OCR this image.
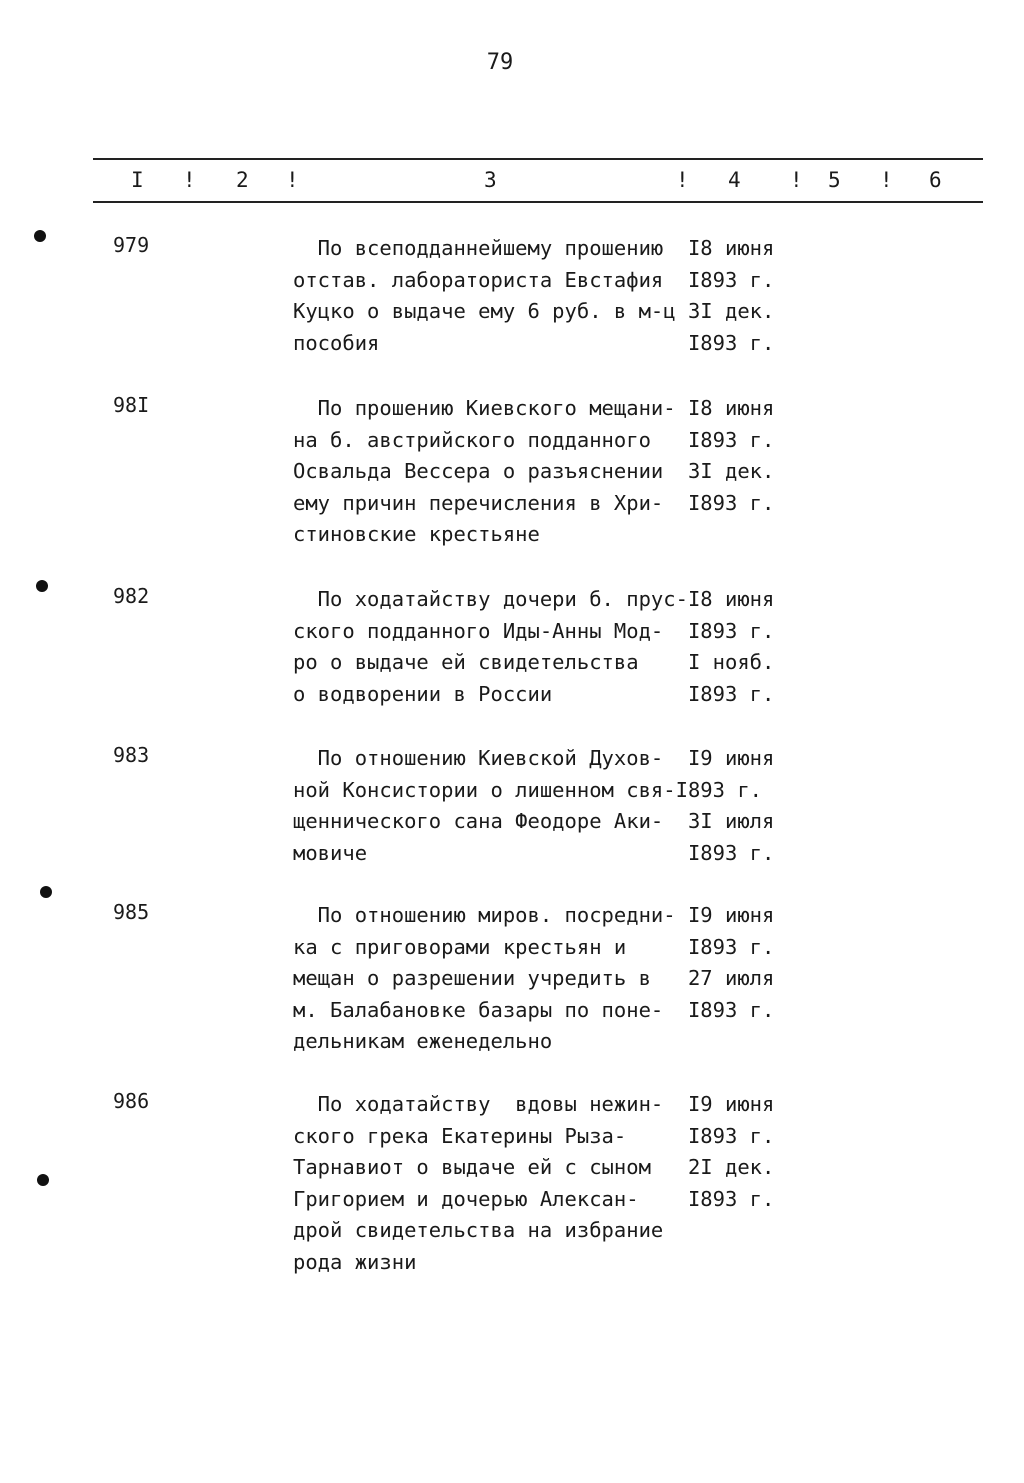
79
I ! 2 !	3	! 4 ! 5 ! 6
979	По всеподданнейшему прошению  I8 июня
отстав. лабораториста Евстафия  I893 г.
Куцко о выдаче ему 6 руб. в м-ц 3I дек.
пособия                         I893 г.
98I	По прошению Киевского мещани- I8 июня
на б. австрийского подданного   I893 г.
Освальда Вессера о разъяснении  3I дек.
ему причин перечисления в Хри-  I893 г.
стиновские крестьяне
982	По ходатайству дочери б. прус-I8 июня
ского подданного Иды-Анны Мод-  I893 г.
ро о выдаче ей свидетельства    I нояб.
о водворении в России           I893 г.
983	По отношению Киевской Духов-  I9 июня
ной Консистории о лишенном свя-I893 г.
щеннического сана Феодоре Аки-  3I июля
мовиче                          I893 г.
985	По отношению миров. посредни- I9 июня
ка с приговорами крестьян и     I893 г.
мещан о разрешении учредить в   27 июля
м. Балабановке базары по поне-  I893 г.
дельникам еженедельно
986	По ходатайству  вдовы нежин-  I9 июня
ского грека Екатерины Рыза-     I893 г.
Тарнавиот о выдаче ей с сыном   2I дек.
Григорием и дочерью Алексан-    I893 г.
дрой свидетельства на избрание
рода жизни
